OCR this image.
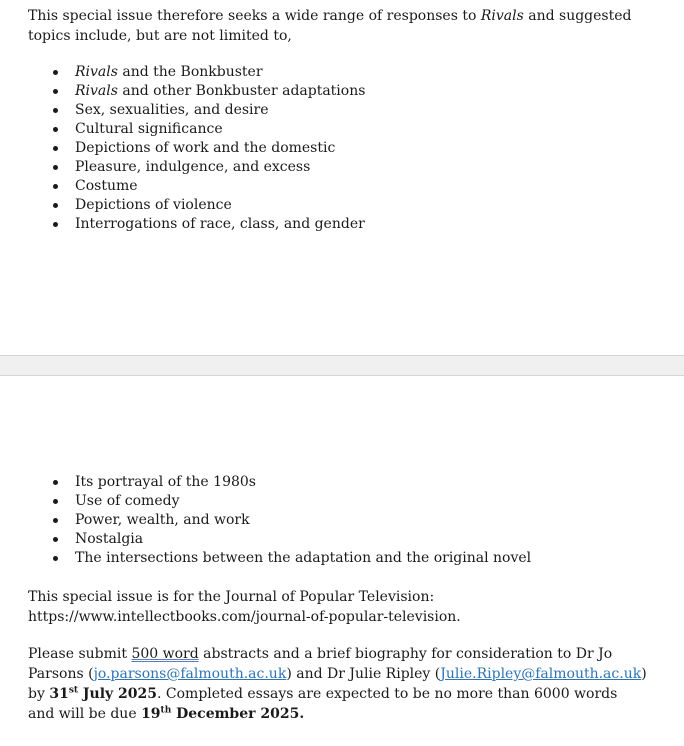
This special issue therefore seeks a wide range of responses to Rivals and suggested topics include, but are not limited to,

Rivals and the Bonkbuster
Rivals and other Bonkbuster adaptations
Sex, sexualities, and desire
Cultural significance
Depictions of work and the domestic
Pleasure, indulgence, and excess
Costume
Depictions of violence
Interrogations of race, class, and gender
Its portrayal of the 1980s
Use of comedy
Power, wealth, and work
Nostalgia
The intersections between the adaptation and the original novel

This special issue is for the Journal of Popular Television:
https://www.intellectbooks.com/journal-of-popular-television.

Please submit 500 word abstracts and a brief biography for consideration to Dr Jo Parsons (jo.parsons@falmouth.ac.uk) and Dr Julie Ripley (Julie.Ripley@falmouth.ac.uk) by 31st July 2025. Completed essays are expected to be no more than 6000 words and will be due 19th December 2025.
